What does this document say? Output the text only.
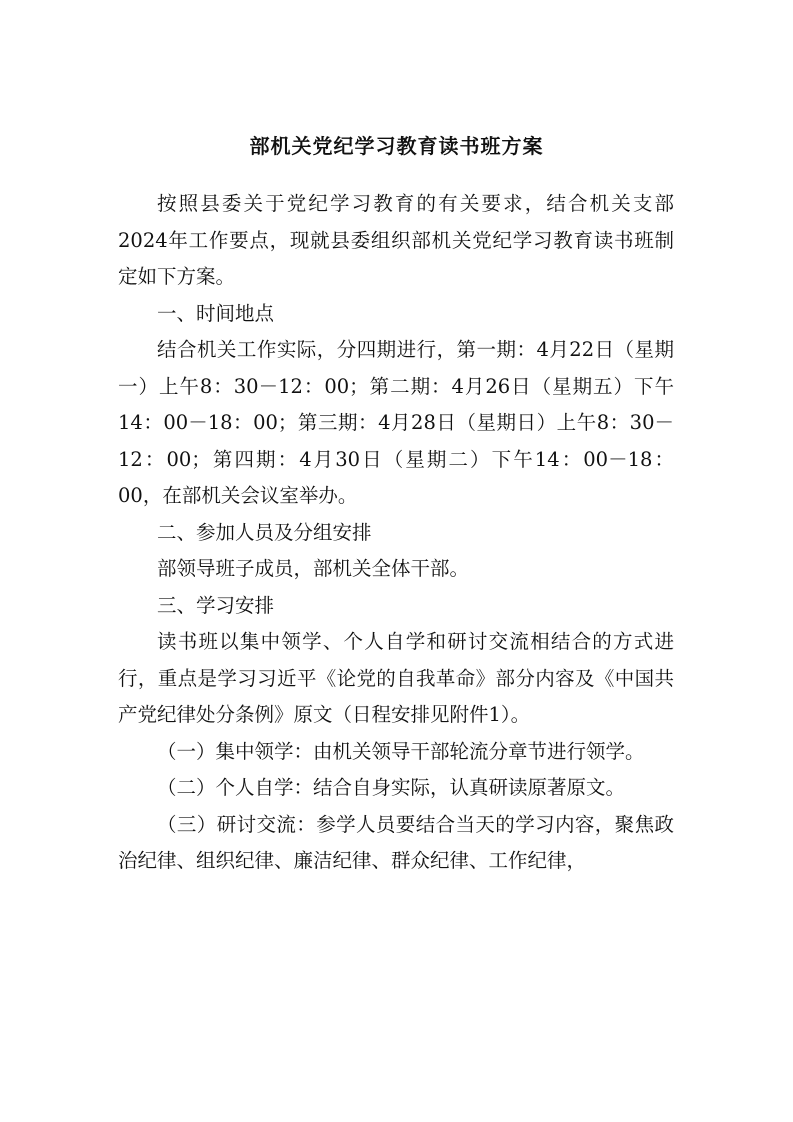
部机关党纪学习教育读书班方案

按照县委关于党纪学习教育的有关要求，结合机关支部2024年工作要点，现就县委组织部机关党纪学习教育读书班制定如下方案。

一、时间地点

结合机关工作实际，分四期进行，第一期：4月22日（星期一）上午8：30－12：00；第二期：4月26日（星期五）下午14：00－18：00；第三期：4月28日（星期日）上午8：30－12：00；第四期：4月30日（星期二）下午14：00－18：00，在部机关会议室举办。

二、参加人员及分组安排

部领导班子成员，部机关全体干部。

三、学习安排

读书班以集中领学、个人自学和研讨交流相结合的方式进行，重点是学习习近平《论党的自我革命》部分内容及《中国共产党纪律处分条例》原文（日程安排见附件1）。

（一）集中领学：由机关领导干部轮流分章节进行领学。

（二）个人自学：结合自身实际，认真研读原著原文。

（三）研讨交流：参学人员要结合当天的学习内容，聚焦政治纪律、组织纪律、廉洁纪律、群众纪律、工作纪律，
